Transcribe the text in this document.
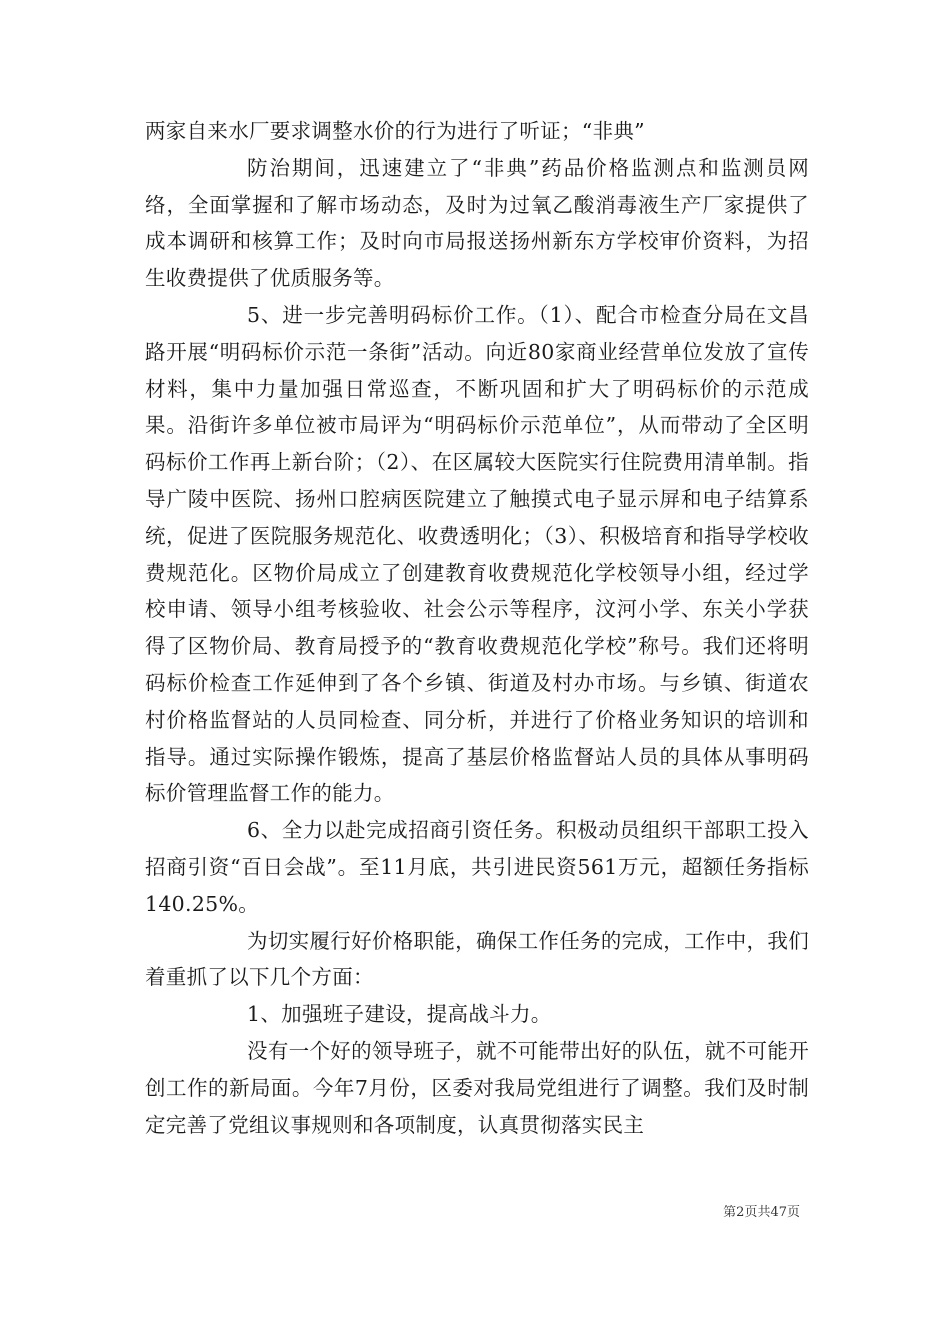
两家自来水厂要求调整水价的行为进行了听证；“非典”

防治期间，迅速建立了“非典”药品价格监测点和监测员网络，全面掌握和了解市场动态，及时为过氧乙酸消毒液生产厂家提供了成本调研和核算工作；及时向市局报送扬州新东方学校审价资料，为招生收费提供了优质服务等。

5、进一步完善明码标价工作。（1）、配合市检查分局在文昌路开展“明码标价示范一条街”活动。向近80家商业经营单位发放了宣传材料，集中力量加强日常巡查，不断巩固和扩大了明码标价的示范成果。沿街许多单位被市局评为“明码标价示范单位”，从而带动了全区明码标价工作再上新台阶；（2）、在区属较大医院实行住院费用清单制。指导广陵中医院、扬州口腔病医院建立了触摸式电子显示屏和电子结算系统，促进了医院服务规范化、收费透明化；（3）、积极培育和指导学校收费规范化。区物价局成立了创建教育收费规范化学校领导小组，经过学校申请、领导小组考核验收、社会公示等程序，汶河小学、东关小学获得了区物价局、教育局授予的“教育收费规范化学校”称号。我们还将明码标价检查工作延伸到了各个乡镇、街道及村办市场。与乡镇、街道农村价格监督站的人员同检查、同分析，并进行了价格业务知识的培训和指导。通过实际操作锻炼，提高了基层价格监督站人员的具体从事明码标价管理监督工作的能力。

6、全力以赴完成招商引资任务。积极动员组织干部职工投入招商引资“百日会战”。至11月底，共引进民资561万元，超额任务指标140.25%。

为切实履行好价格职能，确保工作任务的完成，工作中，我们着重抓了以下几个方面：

1、加强班子建设，提高战斗力。

没有一个好的领导班子，就不可能带出好的队伍，就不可能开创工作的新局面。今年7月份，区委对我局党组进行了调整。我们及时制定完善了党组议事规则和各项制度，认真贯彻落实民主

第2页共47页
